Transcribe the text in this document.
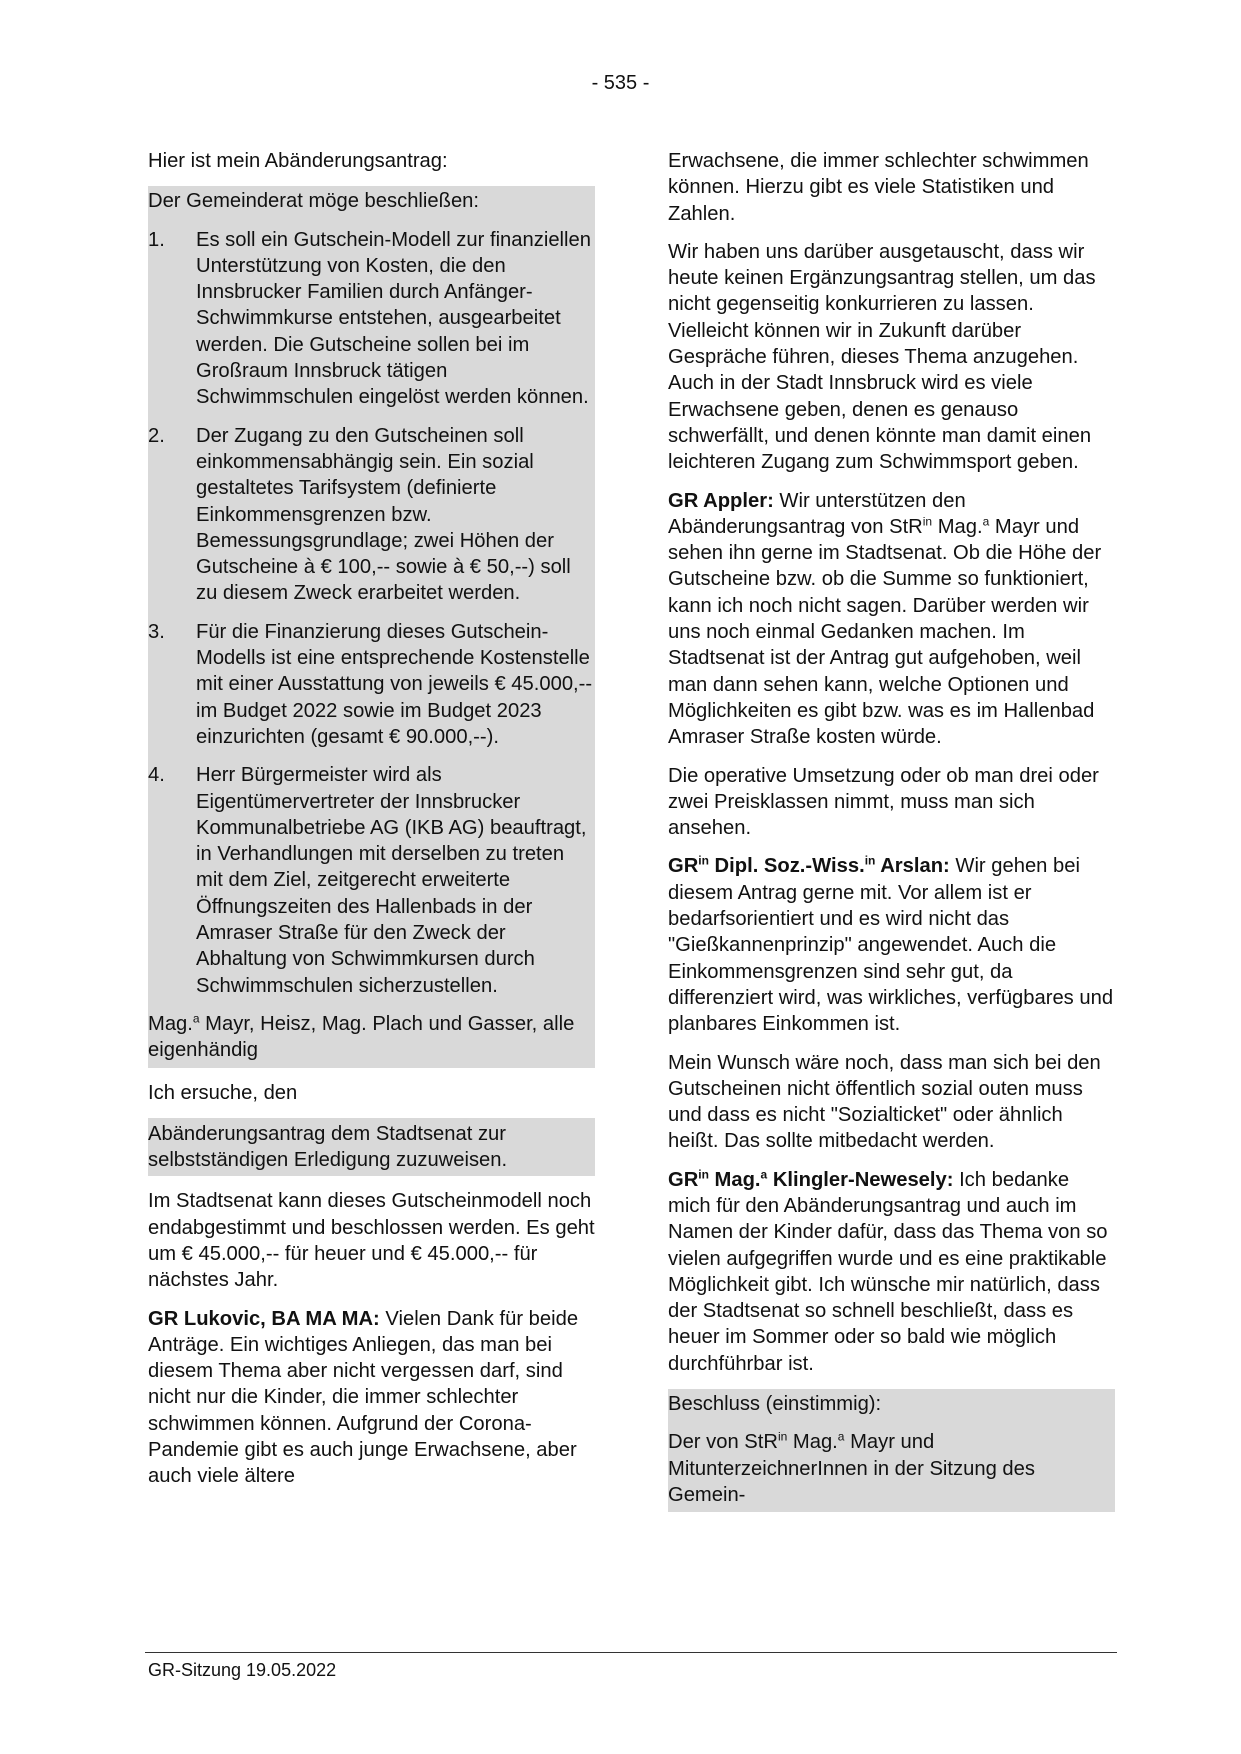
- 535 -

Hier ist mein Abänderungsantrag:

Der Gemeinderat möge beschließen:

1.	Es soll ein Gutschein-Modell zur finanziellen Unterstützung von Kosten, die den Innsbrucker Familien durch Anfänger-Schwimmkurse entstehen, ausgearbeitet werden. Die Gutscheine sollen bei im Großraum Innsbruck tätigen Schwimmschulen eingelöst werden können.
2.	Der Zugang zu den Gutscheinen soll einkommensabhängig sein. Ein sozial gestaltetes Tarifsystem (definierte Einkommensgrenzen bzw. Bemessungsgrundlage; zwei Höhen der Gutscheine à € 100,-- sowie à € 50,--) soll zu diesem Zweck erarbeitet werden.
3.	Für die Finanzierung dieses Gutschein-Modells ist eine entsprechende Kostenstelle mit einer Ausstattung von jeweils € 45.000,-- im Budget 2022 sowie im Budget 2023 einzurichten (gesamt € 90.000,--).
4.	Herr Bürgermeister wird als Eigentümervertreter der Innsbrucker Kommunalbetriebe AG (IKB AG) beauftragt, in Verhandlungen mit derselben zu treten mit dem Ziel, zeitgerecht erweiterte Öffnungszeiten des Hallenbads in der Amraser Straße für den Zweck der Abhaltung von Schwimmkursen durch Schwimmschulen sicherzustellen.

Mag.$^a$ Mayr, Heisz, Mag. Plach und Gasser, alle eigenhändig

Ich ersuche, den

Abänderungsantrag dem Stadtsenat zur selbstständigen Erledigung zuzuweisen.

Im Stadtsenat kann dieses Gutscheinmodell noch endabgestimmt und beschlossen werden. Es geht um € 45.000,-- für heuer und € 45.000,-- für nächstes Jahr.

GR Lukovic, BA MA MA: Vielen Dank für beide Anträge. Ein wichtiges Anliegen, das man bei diesem Thema aber nicht vergessen darf, sind nicht nur die Kinder, die immer schlechter schwimmen können. Aufgrund der Corona-Pandemie gibt es auch junge Erwachsene, aber auch viele ältere

Erwachsene, die immer schlechter schwimmen können. Hierzu gibt es viele Statistiken und Zahlen.

Wir haben uns darüber ausgetauscht, dass wir heute keinen Ergänzungsantrag stellen, um das nicht gegenseitig konkurrieren zu lassen. Vielleicht können wir in Zukunft darüber Gespräche führen, dieses Thema anzugehen. Auch in der Stadt Innsbruck wird es viele Erwachsene geben, denen es genauso schwerfällt, und denen könnte man damit einen leichteren Zugang zum Schwimmsport geben.

GR Appler: Wir unterstützen den Abänderungsantrag von StR$^{in}$ Mag.$^a$ Mayr und sehen ihn gerne im Stadtsenat. Ob die Höhe der Gutscheine bzw. ob die Summe so funktioniert, kann ich noch nicht sagen. Darüber werden wir uns noch einmal Gedanken machen. Im Stadtsenat ist der Antrag gut aufgehoben, weil man dann sehen kann, welche Optionen und Möglichkeiten es gibt bzw. was es im Hallenbad Amraser Straße kosten würde.

Die operative Umsetzung oder ob man drei oder zwei Preisklassen nimmt, muss man sich ansehen.

$GR^{in}$ Dipl. Soz.-Wiss.$^{in}$ Arslan: Wir gehen bei diesem Antrag gerne mit. Vor allem ist er bedarfsorientiert und es wird nicht das "Gießkannenprinzip" angewendet. Auch die Einkommensgrenzen sind sehr gut, da differenziert wird, was wirkliches, verfügbares und planbares Einkommen ist.

Mein Wunsch wäre noch, dass man sich bei den Gutscheinen nicht öffentlich sozial outen muss und dass es nicht "Sozialticket" oder ähnlich heißt. Das sollte mitbedacht werden.

$GR^{in}$ Mag.$^a$ Klingler-Newesely: Ich bedanke mich für den Abänderungsantrag und auch im Namen der Kinder dafür, dass das Thema von so vielen aufgegriffen wurde und es eine praktikable Möglichkeit gibt. Ich wünsche mir natürlich, dass der Stadtsenat so schnell beschließt, dass es heuer im Sommer oder so bald wie möglich durchführbar ist.

Beschluss (einstimmig):

Der von StR$^{in}$ Mag.$^a$ Mayr und MitunterzeichnerInnen in der Sitzung des Gemein-

GR-Sitzung 19.05.2022
